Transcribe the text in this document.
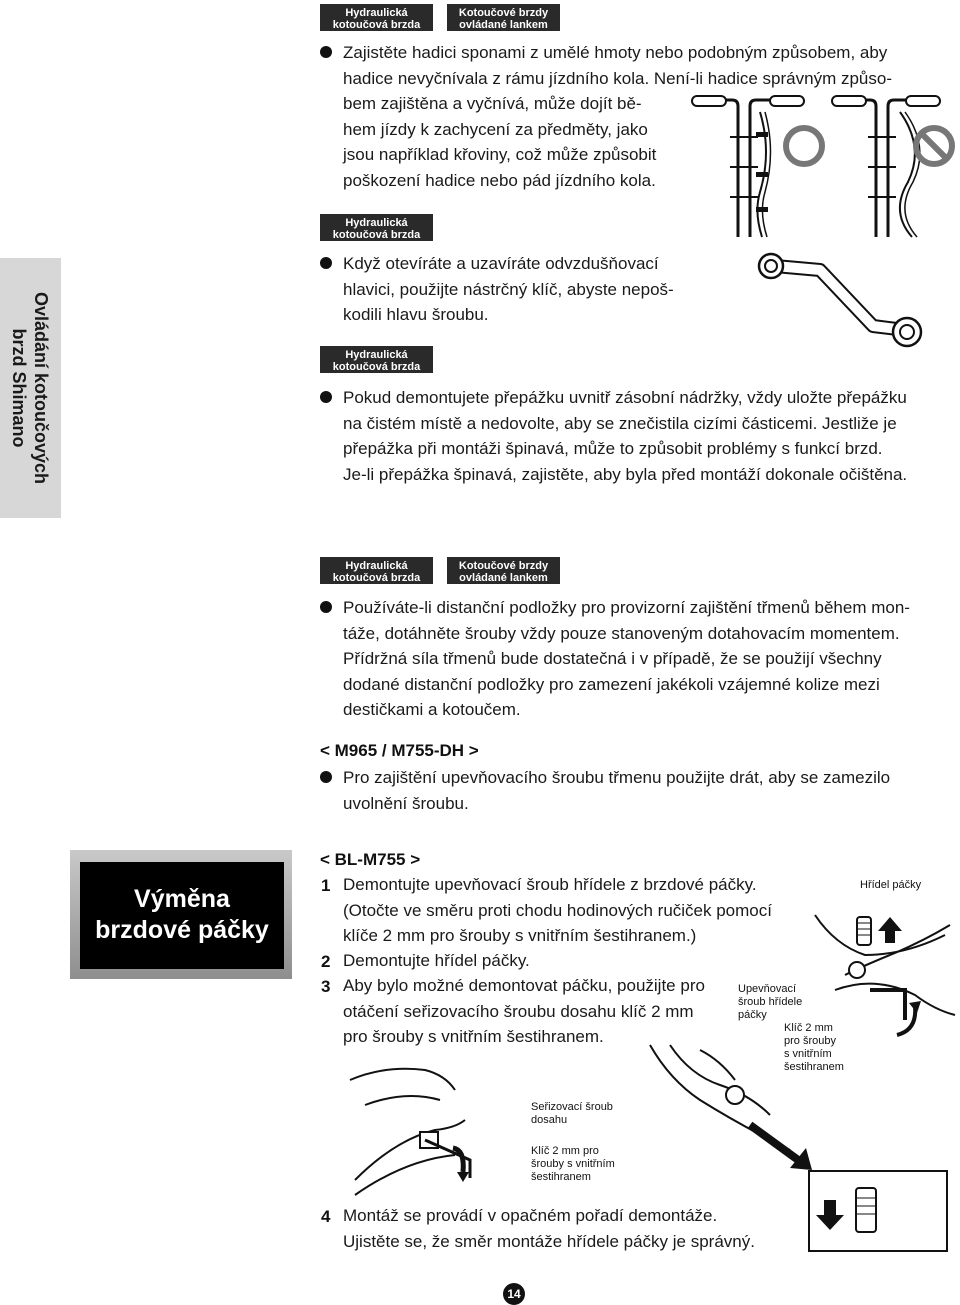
Hydraulická
kotoučová brzda
Kotoučové brzdy
ovládané lankem
Zajistěte hadici sponami z umělé hmoty nebo podobným způsobem, aby
hadice nevyčnívala z rámu jízdního kola. Není-li hadice správným způso-
bem zajištěna a vyčnívá, může dojít bě-
hem jízdy k zachycení za předměty, jako
jsou například křoviny, což může způsobit
poškození hadice nebo pád jízdního kola.
Ovládání kotoučových
brzd Shimano
Hydraulická
kotoučová brzda
Když otevíráte a uzavíráte odvzdušňovací
hlavici, použijte nástrčný klíč, abyste nepoš-
kodili hlavu šroubu.
Hydraulická
kotoučová brzda
Pokud demontujete přepážku uvnitř zásobní nádržky, vždy uložte přepážku
na čistém místě a nedovolte, aby se znečistila cizími částicemi. Jestliže je
přepážka při montáži špinavá, může to způsobit problémy s funkcí brzd.
Je-li přepážka špinavá, zajistěte, aby byla před montáží dokonale očištěna.
Hydraulická
kotoučová brzda
Kotoučové brzdy
ovládané lankem
Používáte-li distanční podložky pro provizorní zajištění třmenů během mon-
táže, dotáhněte šrouby vždy pouze stanoveným dotahovacím momentem.
Přídržná síla třmenů bude dostatečná i v případě, že se použijí všechny
dodané distanční podložky pro zamezení jakékoli vzájemné kolize mezi
destičkami a kotoučem.
< M965 / M755-DH >
Pro zajištění upevňovacího šroubu třmenu použijte drát, aby se zamezilo
uvolnění šroubu.
Výměna
brzdové páčky
< BL-M755 >
1 Demontujte upevňovací šroub hřídele z brzdové páčky.
(Otočte ve směru proti chodu hodinových ručiček pomocí
klíče 2 mm pro šrouby s vnitřním šestihranem.)
2 Demontujte hřídel páčky.
3 Aby bylo možné demontovat páčku, použijte pro
otáčení seřizovacího šroubu dosahu klíč 2 mm
pro šrouby s vnitřním šestihranem.
Hřídel páčky
Upevňovací
šroub hřídele
páčky
Klíč 2 mm
pro šrouby
s vnitřním
šestihranem
Seřizovací šroub
dosahu
Klíč 2 mm pro
šrouby s vnitřním
šestihranem
4 Montáž se provádí v opačném pořadí demontáže.
Ujistěte se, že směr montáže hřídele páčky je správný.
14
